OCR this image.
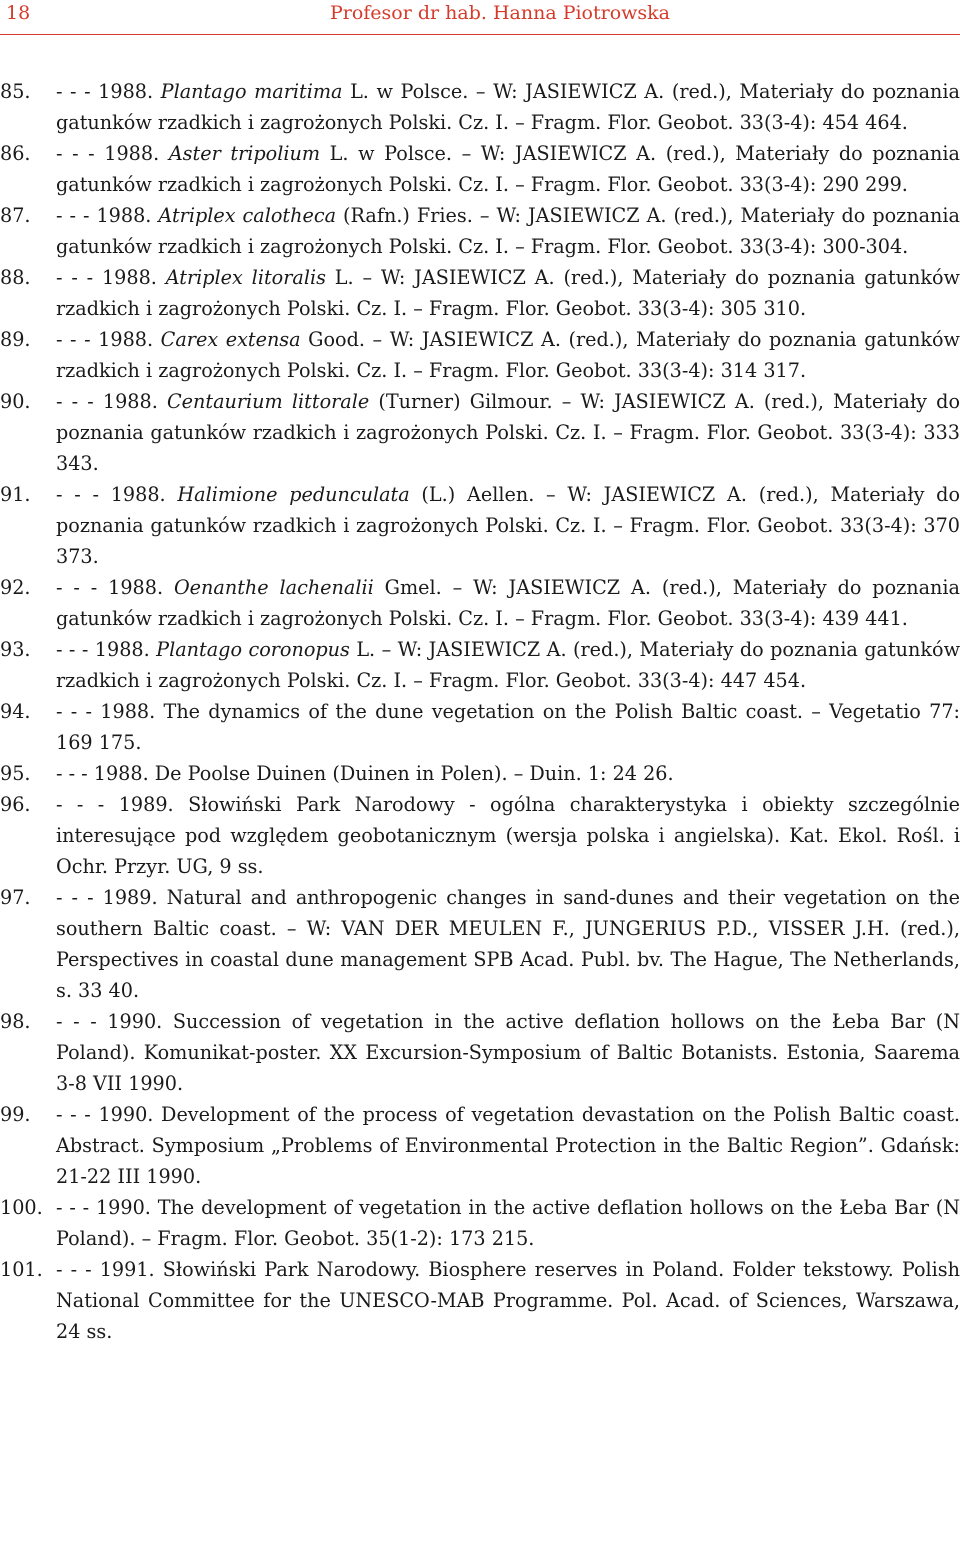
18	Profesor dr hab. Hanna Piotrowska
85.	- - - 1988. Plantago maritima L. w Polsce. – W: JASIEWICZ A. (red.), Materiały do poznania gatunków rzadkich i zagrożonych Polski. Cz. I. – Fragm. Flor. Geobot. 33(3-4): 454 464.
86.	- - - 1988. Aster tripolium L. w Polsce. – W: JASIEWICZ A. (red.), Materiały do poznania gatunków rzadkich i zagrożonych Polski. Cz. I. – Fragm. Flor. Geobot. 33(3-4): 290 299.
87.	- - - 1988. Atriplex calotheca (Rafn.) Fries. – W: JASIEWICZ A. (red.), Materiały do poznania gatunków rzadkich i zagrożonych Polski. Cz. I. – Fragm. Flor. Geobot. 33(3-4): 300-304.
88.	- - - 1988. Atriplex litoralis L. – W: JASIEWICZ A. (red.), Materiały do poznania gatunków rzadkich i zagrożonych Polski. Cz. I. – Fragm. Flor. Geobot. 33(3-4): 305 310.
89.	- - - 1988. Carex extensa Good. – W: JASIEWICZ A. (red.), Materiały do poznania gatunków rzadkich i zagrożonych Polski. Cz. I. – Fragm. Flor. Geobot. 33(3-4): 314 317.
90.	- - - 1988. Centaurium littorale (Turner) Gilmour. – W: JASIEWICZ A. (red.), Materiały do poznania gatunków rzadkich i zagrożonych Polski. Cz. I. – Fragm. Flor. Geobot. 33(3-4): 333 343.
91.	- - - 1988. Halimione pedunculata (L.) Aellen. – W: JASIEWICZ A. (red.), Materiały do poznania gatunków rzadkich i zagrożonych Polski. Cz. I. – Fragm. Flor. Geobot. 33(3-4): 370 373.
92.	- - - 1988. Oenanthe lachenalii Gmel. – W: JASIEWICZ A. (red.), Materiały do poznania gatunków rzadkich i zagrożonych Polski. Cz. I. – Fragm. Flor. Geobot. 33(3-4): 439 441.
93.	- - - 1988. Plantago coronopus L. – W: JASIEWICZ A. (red.), Materiały do poznania gatunków rzadkich i zagrożonych Polski. Cz. I. – Fragm. Flor. Geobot. 33(3-4): 447 454.
94.	- - - 1988. The dynamics of the dune vegetation on the Polish Baltic coast. – Vegetatio 77: 169 175.
95.	- - - 1988. De Poolse Duinen (Duinen in Polen). – Duin. 1: 24 26.
96.	- - - 1989. Słowiński Park Narodowy - ogólna charakterystyka i obiekty szczególnie interesujące pod względem geobotanicznym (wersja polska i angielska). Kat. Ekol. Rośl. i Ochr. Przyr. UG, 9 ss.
97.	- - - 1989. Natural and anthropogenic changes in sand-dunes and their vegetation on the southern Baltic coast. – W: VAN DER MEULEN F., JUNGERIUS P.D., VISSER J.H. (red.), Perspectives in coastal dune management SPB Acad. Publ. bv. The Hague, The Netherlands, s. 33 40.
98.	- - - 1990. Succession of vegetation in the active deflation hollows on the Łeba Bar (N Poland). Komunikat-poster. XX Excursion-Symposium of Baltic Botanists. Estonia, Saarema 3-8 VII 1990.
99.	- - - 1990. Development of the process of vegetation devastation on the Polish Baltic coast. Abstract. Symposium „Problems of Environmental Protection in the Baltic Region”. Gdańsk: 21-22 III 1990.
100. - - - 1990. The development of vegetation in the active deflation hollows on the Łeba Bar (N Poland). – Fragm. Flor. Geobot. 35(1-2): 173 215.
101. - - - 1991. Słowiński Park Narodowy. Biosphere reserves in Poland. Folder tekstowy. Polish National Committee for the UNESCO-MAB Programme. Pol. Acad. of Sciences, Warszawa, 24 ss.
